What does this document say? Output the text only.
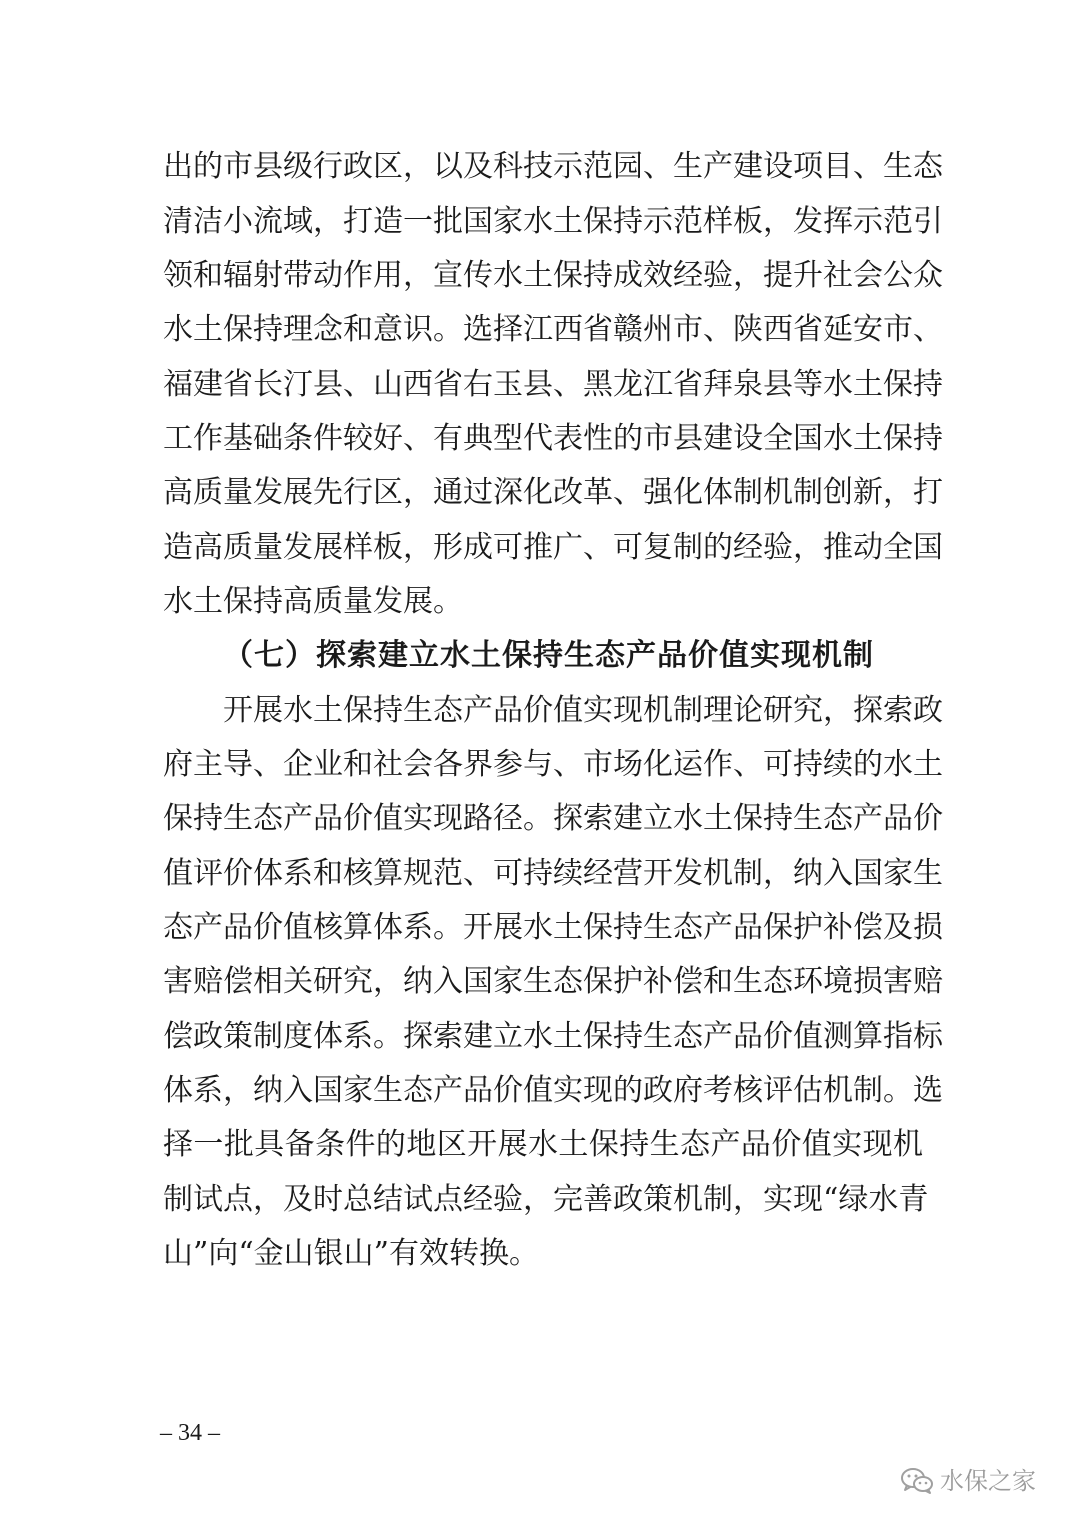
出的市县级行政区，以及科技示范园、生产建设项目、生态
清洁小流域，打造一批国家水土保持示范样板，发挥示范引
领和辐射带动作用，宣传水土保持成效经验，提升社会公众
水土保持理念和意识。选择江西省赣州市、陕西省延安市、
福建省长汀县、山西省右玉县、黑龙江省拜泉县等水土保持
工作基础条件较好、有典型代表性的市县建设全国水土保持
高质量发展先行区，通过深化改革、强化体制机制创新，打
造高质量发展样板，形成可推广、可复制的经验，推动全国
水土保持高质量发展。
（七）探索建立水土保持生态产品价值实现机制
开展水土保持生态产品价值实现机制理论研究，探索政
府主导、企业和社会各界参与、市场化运作、可持续的水土
保持生态产品价值实现路径。探索建立水土保持生态产品价
值评价体系和核算规范、可持续经营开发机制，纳入国家生
态产品价值核算体系。开展水土保持生态产品保护补偿及损
害赔偿相关研究，纳入国家生态保护补偿和生态环境损害赔
偿政策制度体系。探索建立水土保持生态产品价值测算指标
体系，纳入国家生态产品价值实现的政府考核评估机制。选
择一批具备条件的地区开展水土保持生态产品价值实现机
制试点，及时总结试点经验，完善政策机制，实现“绿水青
山”向“金山银山”有效转换。
– 34 –
水保之家
